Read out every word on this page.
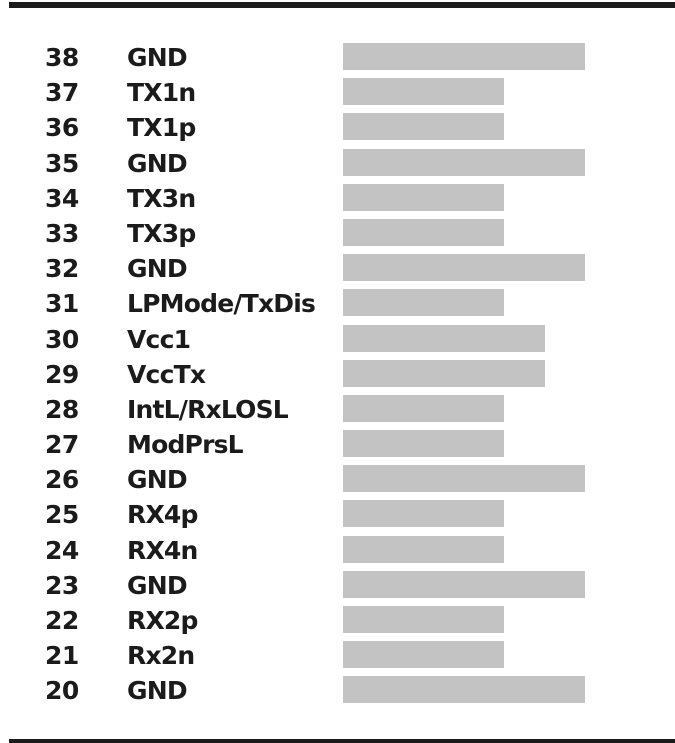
38 GND
37 TX1n
36 TX1p
35 GND
34 TX3n
33 TX3p
32 GND
31 LPMode/TxDis
30 Vcc1
29 VccTx
28 IntL/RxLOSL
27 ModPrsL
26 GND
25 RX4p
24 RX4n
23 GND
22 RX2p
21 Rx2n
20 GND
